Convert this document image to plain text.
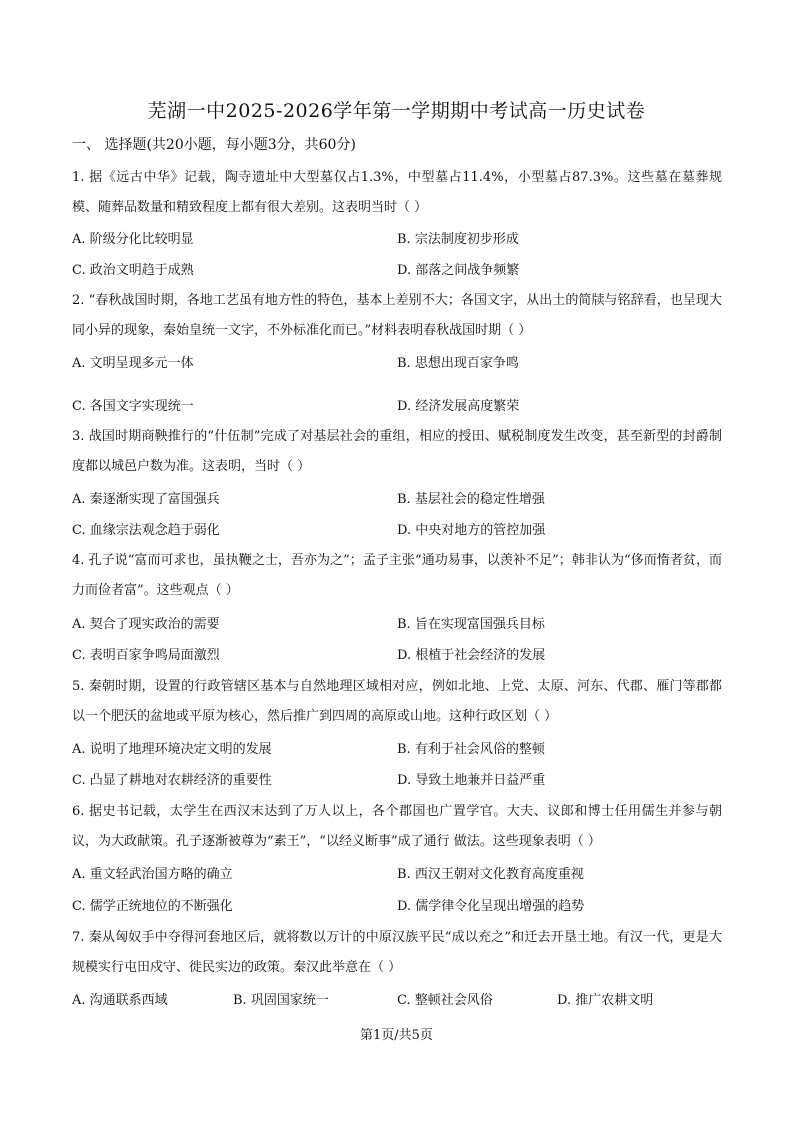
芜湖一中2025-2026学年第一学期期中考试高一历史试卷
一、 选择题(共20小题，每小题3分，共60分)
1. 据《远古中华》记载，陶寺遗址中大型墓仅占1.3%，中型墓占11.4%，小型墓占87.3%。这些墓在墓葬规模、随葬品数量和精致程度上都有很大差别。这表明当时（ ）
A. 阶级分化比较明显	B. 宗法制度初步形成
C. 政治文明趋于成熟	D. 部落之间战争频繁
2. “春秋战国时期，各地工艺虽有地方性的特色，基本上差别不大；各国文字，从出土的简牍与铭辞看，也呈现大同小异的现象，秦始皇统一文字，不外标准化而已。”材料表明春秋战国时期（ ）
A. 文明呈现多元一体	B. 思想出现百家争鸣
C. 各国文字实现统一	D. 经济发展高度繁荣
3. 战国时期商鞅推行的“什伍制”完成了对基层社会的重组，相应的授田、赋税制度发生改变，甚至新型的封爵制度都以城邑户数为准。这表明，当时（ ）
A. 秦逐渐实现了富国强兵	B. 基层社会的稳定性增强
C. 血缘宗法观念趋于弱化	D. 中央对地方的管控加强
4. 孔子说“富而可求也，虽执鞭之士，吾亦为之”；孟子主张“通功易事，以羡补不足”；韩非认为“侈而惰者贫，而力而俭者富”。这些观点（ ）
A. 契合了现实政治的需要	B. 旨在实现富国强兵目标
C. 表明百家争鸣局面激烈	D. 根植于社会经济的发展
5. 秦朝时期，设置的行政管辖区基本与自然地理区域相对应，例如北地、上党、太原、河东、代郡、雁门等郡都以一个肥沃的盆地或平原为核心，然后推广到四周的高原或山地。这种行政区划（ ）
A. 说明了地理环境决定文明的发展	B. 有利于社会风俗的整顿
C. 凸显了耕地对农耕经济的重要性	D. 导致土地兼并日益严重
6. 据史书记载，太学生在西汉末达到了万人以上，各个郡国也广置学官。大夫、议郎和博士任用儒生并参与朝议，为大政献策。孔子逐渐被尊为“素王”，“以经义断事”成了通行 做法。这些现象表明（ ）
A. 重文轻武治国方略的确立	B. 西汉王朝对文化教育高度重视
C. 儒学正统地位的不断强化	D. 儒学律令化呈现出增强的趋势
7. 秦从匈奴手中夺得河套地区后，就将数以万计的中原汉族平民“成以充之”和迁去开垦土地。有汉一代，更是大规模实行屯田戍守、徙民实边的政策。秦汉此举意在（ ）
A. 沟通联系西域	B. 巩固国家统一	C. 整顿社会风俗	D. 推广农耕文明
第1页/共5页
